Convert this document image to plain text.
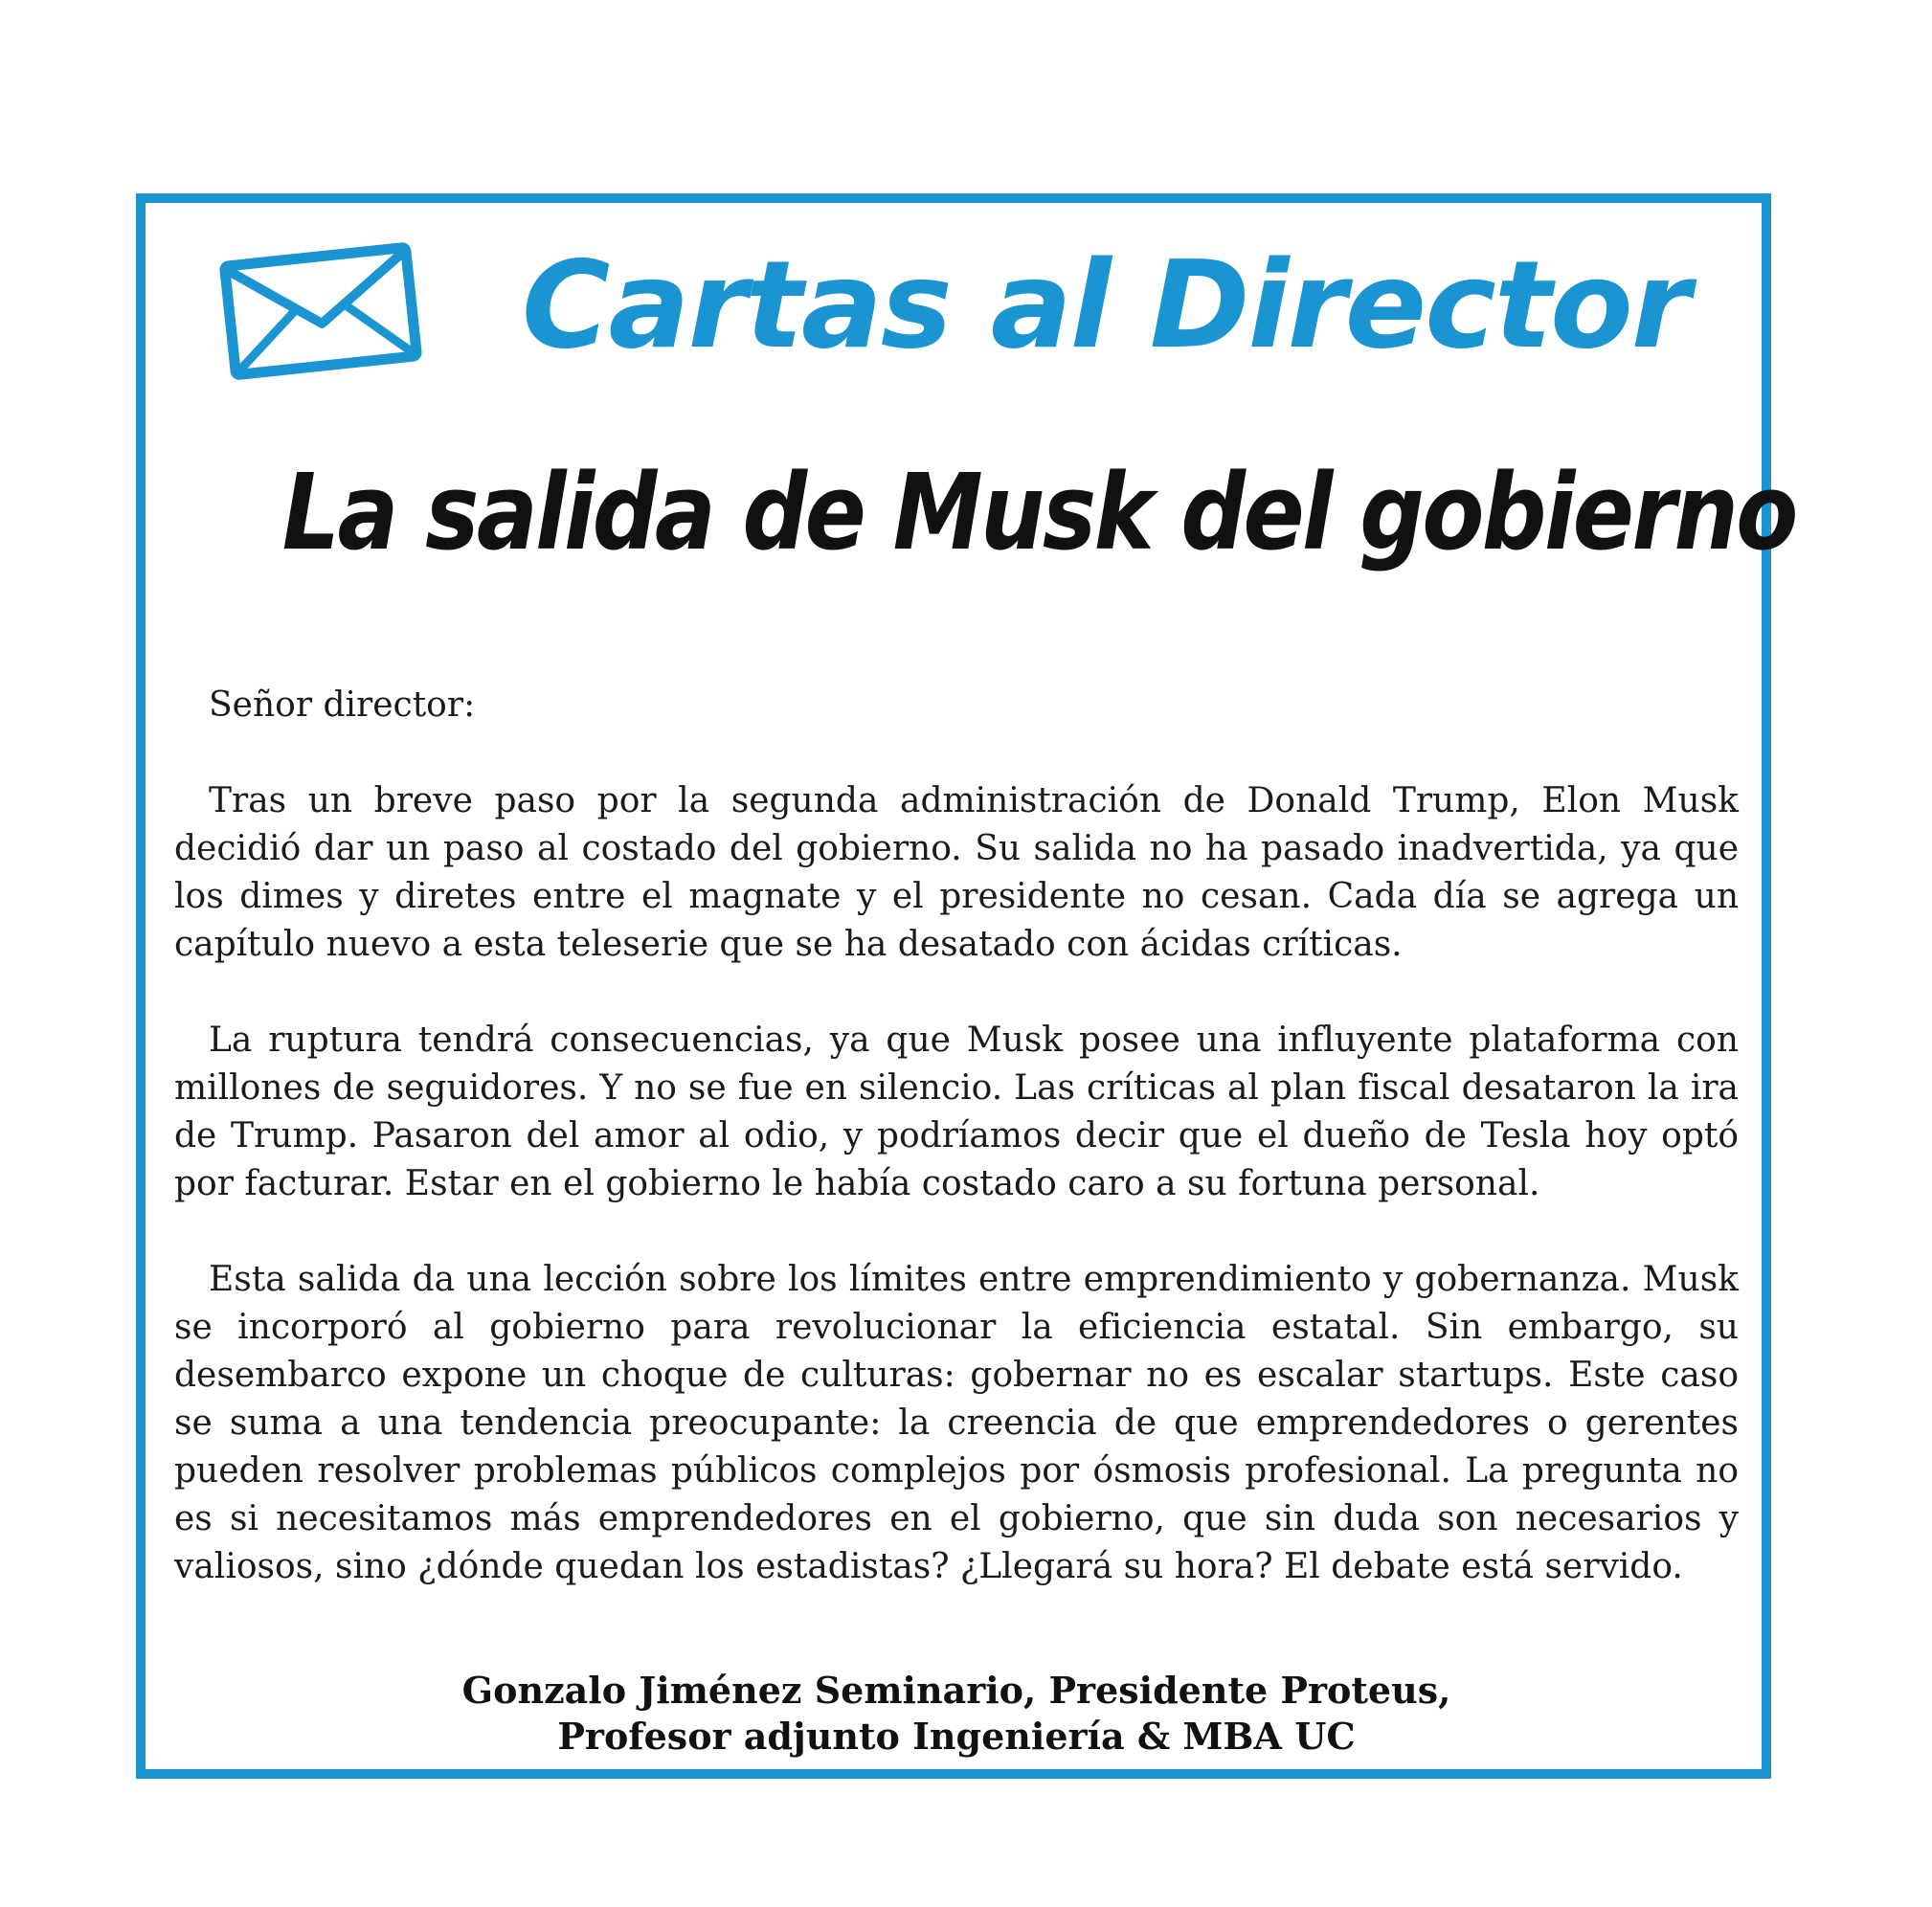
Cartas al Director
La salida de Musk del gobierno

Señor director:

Tras un breve paso por la segunda administración de Donald Trump, Elon Musk decidió dar un paso al costado del gobierno. Su salida no ha pasado inadvertida, ya que los dimes y diretes entre el magnate y el presidente no cesan. Cada día se agrega un capítulo nuevo a esta teleserie que se ha desatado con ácidas críticas.

La ruptura tendrá consecuencias, ya que Musk posee una influyente plataforma con millones de seguidores. Y no se fue en silencio. Las críticas al plan fiscal desataron la ira de Trump. Pasaron del amor al odio, y podríamos decir que el dueño de Tesla hoy optó por facturar. Estar en el gobierno le había costado caro a su fortuna personal.

Esta salida da una lección sobre los límites entre emprendimiento y gobernanza. Musk se incorporó al gobierno para revolucionar la eficiencia estatal. Sin embargo, su desembarco expone un choque de culturas: gobernar no es escalar startups. Este caso se suma a una tendencia preocupante: la creencia de que emprendedores o gerentes pueden resolver problemas públicos complejos por ósmosis profesional. La pregunta no es si necesitamos más emprendedores en el gobierno, que sin duda son necesarios y valiosos, sino ¿dónde quedan los estadistas? ¿Llegará su hora? El debate está servido.

Gonzalo Jiménez Seminario, Presidente Proteus,
Profesor adjunto Ingeniería & MBA UC
